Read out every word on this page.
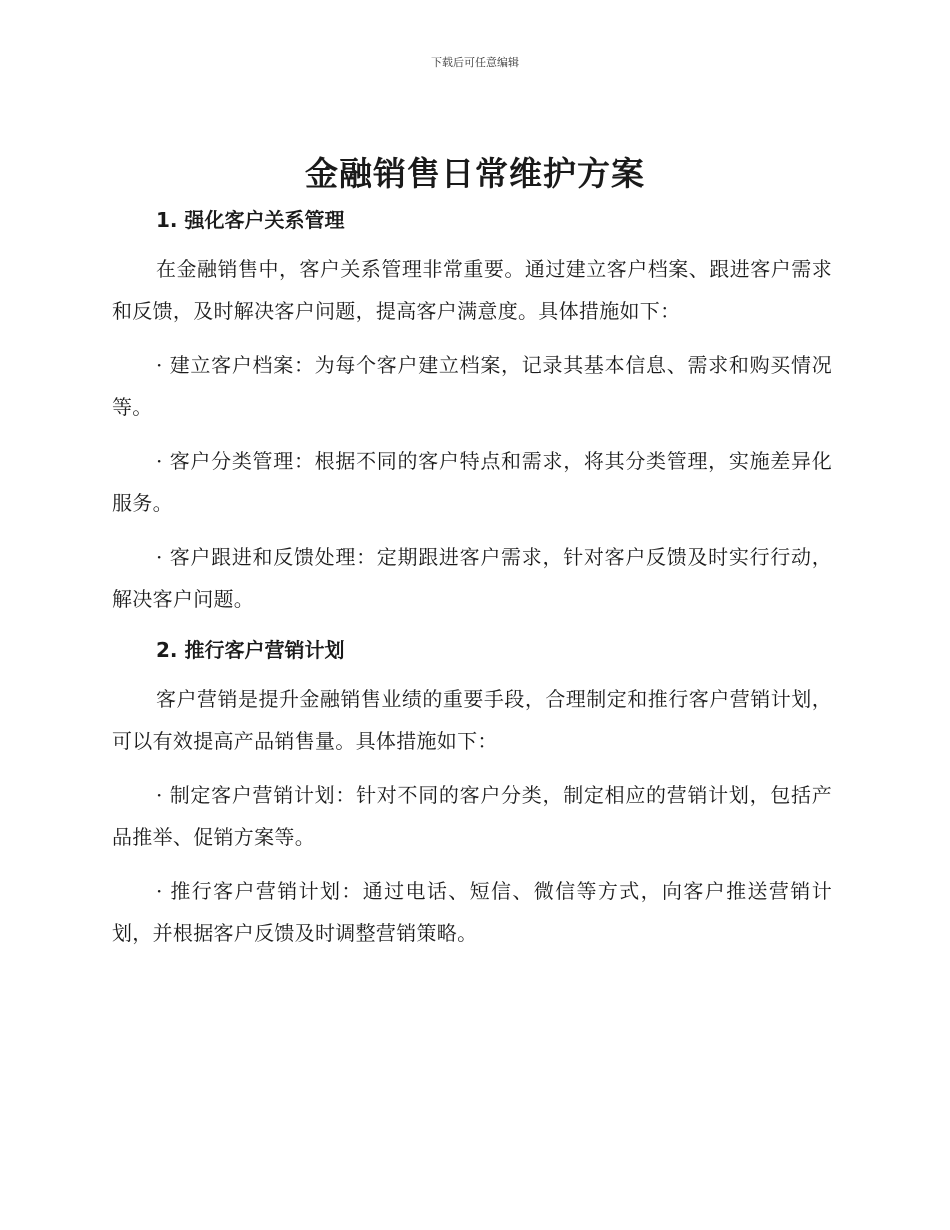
下载后可任意编辑
金融销售日常维护方案
1. 强化客户关系管理

在金融销售中，客户关系管理非常重要。通过建立客户档案、跟进客户需求和反馈，及时解决客户问题，提高客户满意度。具体措施如下：

· 建立客户档案：为每个客户建立档案，记录其基本信息、需求和购买情况等。

· 客户分类管理：根据不同的客户特点和需求，将其分类管理，实施差异化服务。

· 客户跟进和反馈处理：定期跟进客户需求，针对客户反馈及时实行行动，解决客户问题。

2. 推行客户营销计划

客户营销是提升金融销售业绩的重要手段，合理制定和推行客户营销计划，可以有效提高产品销售量。具体措施如下：

· 制定客户营销计划：针对不同的客户分类，制定相应的营销计划，包括产品推举、促销方案等。

· 推行客户营销计划：通过电话、短信、微信等方式，向客户推送营销计划，并根据客户反馈及时调整营销策略。
